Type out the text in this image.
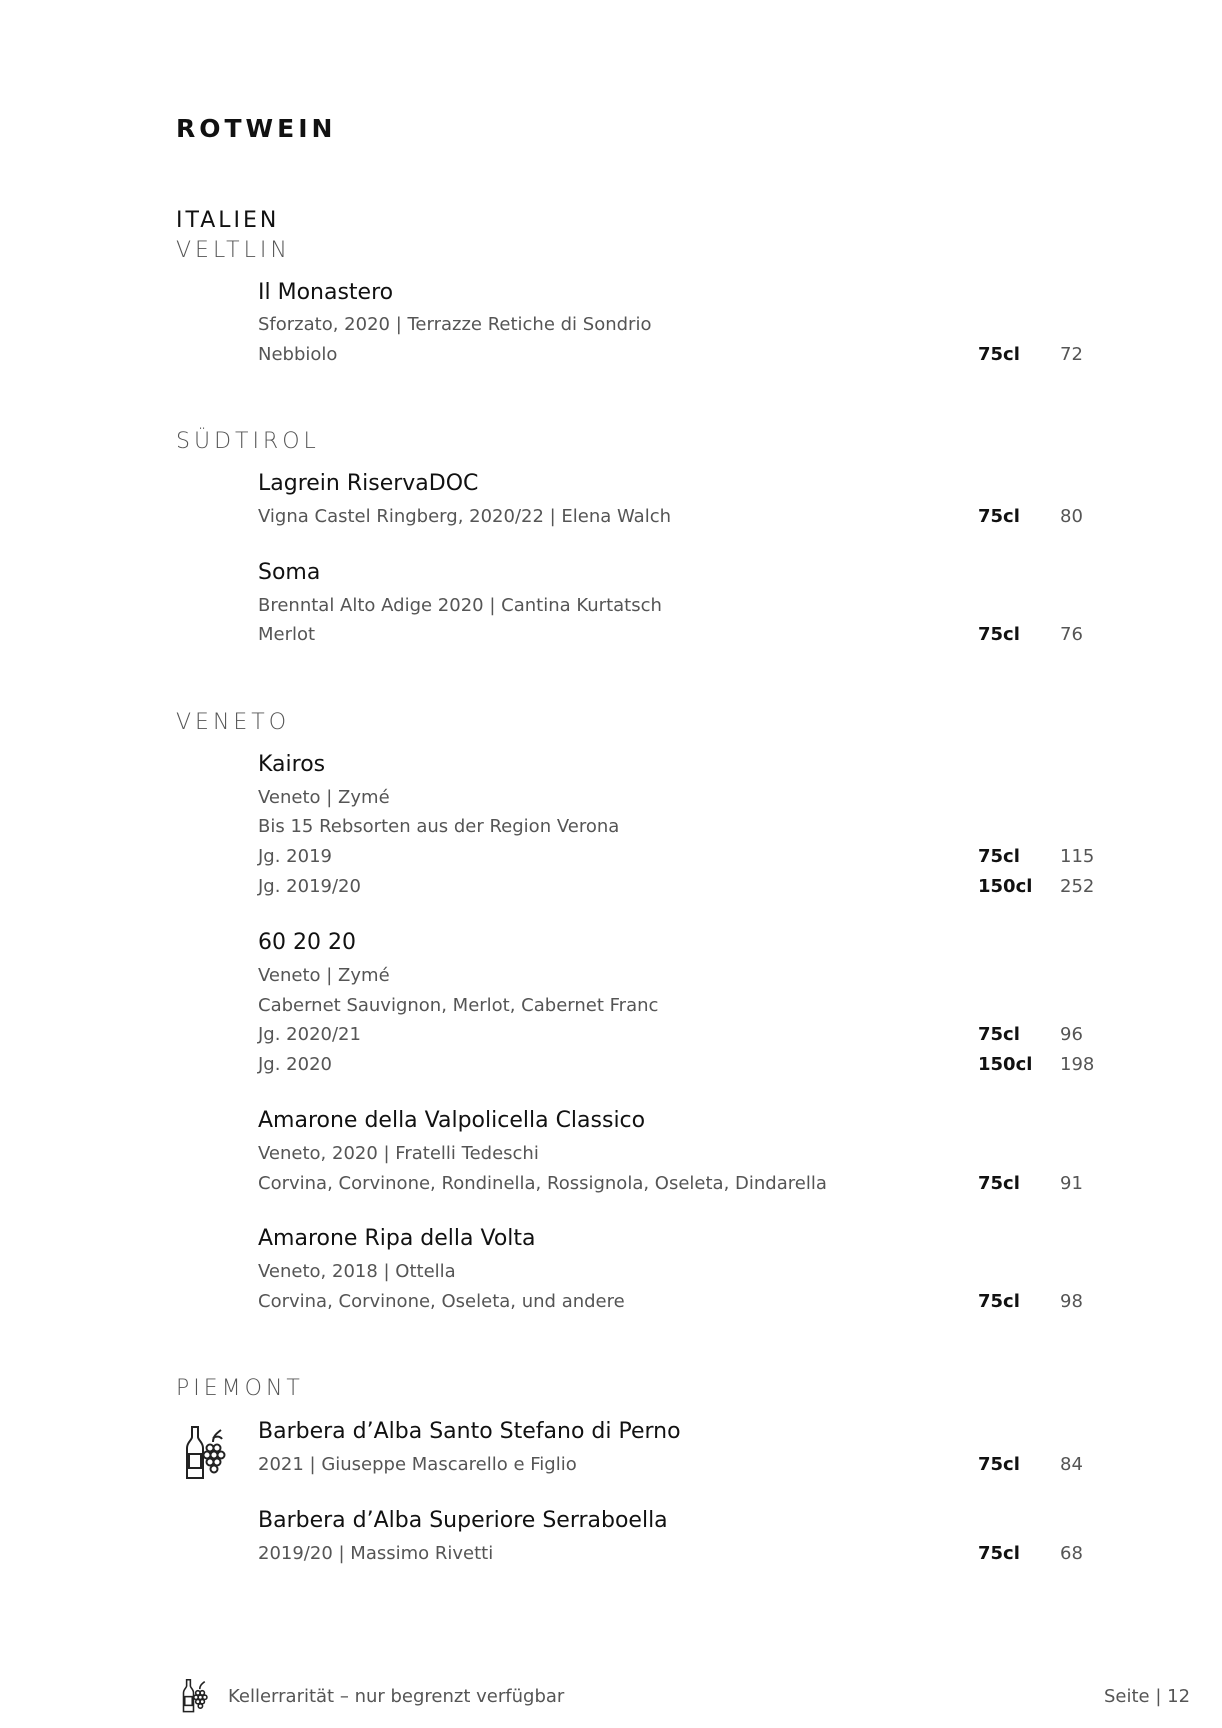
ROTWEIN
ITALIEN
VELTLIN
Il Monastero
Sforzato, 2020 | Terrazze Retiche di Sondrio
Nebbiolo	75cl 72
SÜDTIROL
Lagrein RiservaDOC
Vigna Castel Ringberg, 2020/22 | Elena Walch	75cl 80
Soma
Brenntal Alto Adige 2020 | Cantina Kurtatsch
Merlot	75cl 76
VENETO
Kairos
Veneto | Zymé
Bis 15 Rebsorten aus der Region Verona
Jg. 2019	75cl 115
Jg. 2019/20	150cl 252
60 20 20
Veneto | Zymé
Cabernet Sauvignon, Merlot, Cabernet Franc
Jg. 2020/21	75cl 96
Jg. 2020	150cl 198
Amarone della Valpolicella Classico
Veneto, 2020 | Fratelli Tedeschi
Corvina, Corvinone, Rondinella, Rossignola, Oseleta, Dindarella	75cl 91
Amarone Ripa della Volta
Veneto, 2018 | Ottella
Corvina, Corvinone, Oseleta, und andere	75cl 98
PIEMONT
Barbera d’Alba Santo Stefano di Perno
2021 | Giuseppe Mascarello e Figlio	75cl 84
Barbera d’Alba Superiore Serraboella
2019/20 | Massimo Rivetti	75cl 68
Kellerrarität – nur begrenzt verfügbar	Seite | 12
